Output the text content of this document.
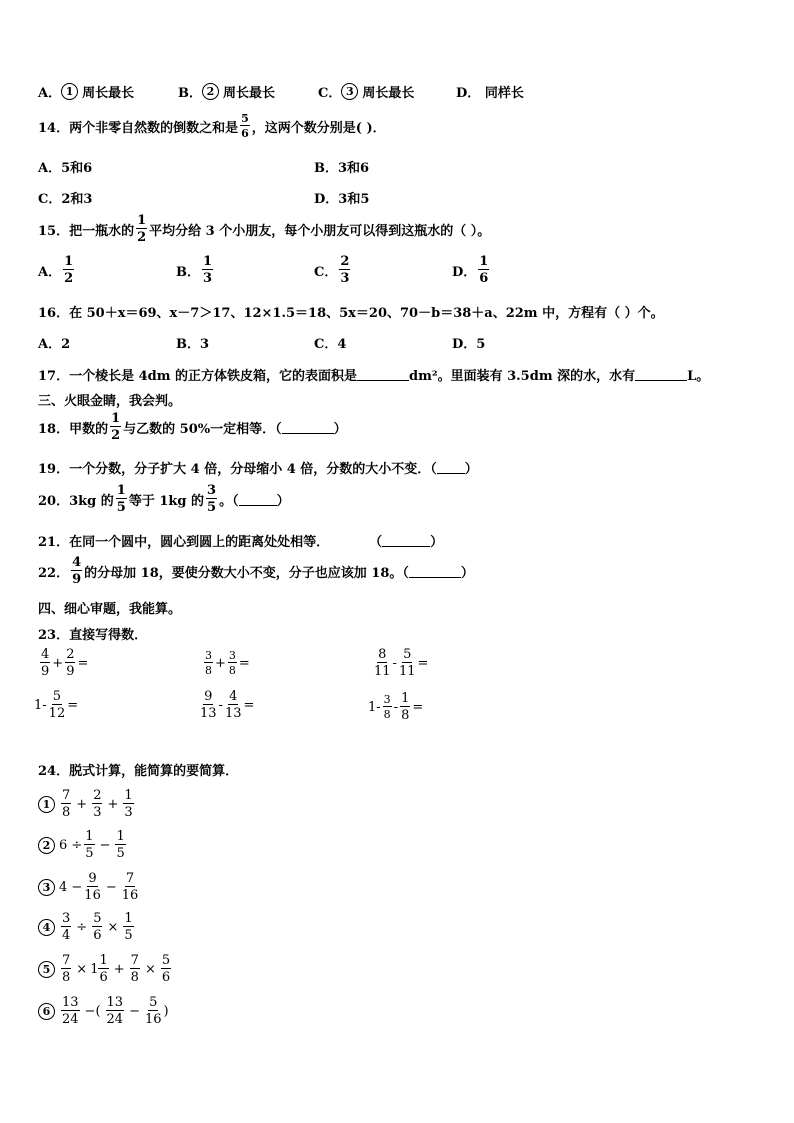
A． 1 周长最长	B． 2 周长最长	C． 3 周长最长	D． 同样长
14． 两个非零自然数的倒数之和是 $\frac{5}{6}$ ，这两个数分别是( )．
A．5和6	B．3和6
C．2和3	D．3和5
15． 把一瓶水的 $\frac{1}{2}$ 平均分给 3 个小朋友，每个小朋友可以得到这瓶水的（ ）。
A． $\frac{1}{2}$	B． $\frac{1}{3}$	C． $\frac{2}{3}$	D． $\frac{1}{6}$
16． 在 50＋x＝69、x－7＞17、12×1.5＝18、5x＝20、70－b＝38＋a、22m 中，方程有（ ）个。
A．2	B．3	C．4	D．5
17． 一个棱长是 4dm 的正方体铁皮箱，它的表面积是	dm²。里面装有 3.5dm 深的水，水有	L。
三、火眼金睛，我会判。
18． 甲数的 $\frac{1}{2}$ 与乙数的 50%一定相等．（	）
19． 一个分数，分子扩大 4 倍，分母缩小 4 倍，分数的大小不变．（ ）
20． 3kg 的 $\frac{1}{5}$ 等于 1kg 的 $\frac{3}{5}$ 。（	）
21． 在同一个圆中，圆心到圆上的距离处处相等．	（	）
22． $\frac{4}{9}$ 的分母加 18，要使分数大小不变，分子也应该加 18。（	）
四、细心审题，我能算。
23． 直接写得数．
$\frac{4}{9} + \frac{2}{9}$ =	$\frac{3}{8} + \frac{3}{8}$ =	$\frac{8}{11} - \frac{5}{11}$ =
$1- \frac{5}{12}$ =	$\frac{9}{13} - \frac{4}{13}$ =	$1- \frac{3}{8} - \frac{1}{8}$ =
24． 脱式计算，能简算的要简算．
$1 \frac{7}{8} + \frac{2}{3} + \frac{1}{3}$
2 $6 \div \frac{1}{5} - \frac{1}{5}$
3 $4 - \frac{9}{16} - \frac{7}{16}$
$4 \frac{3}{4} \div \frac{5}{6} \times \frac{1}{5}$
$5 \frac{7}{8} \times 1 \frac{1}{6} + \frac{7}{8} \times \frac{5}{6}$
$6 \frac{13}{24}$ −( $\frac{13}{24} - \frac{5}{16}$ )
